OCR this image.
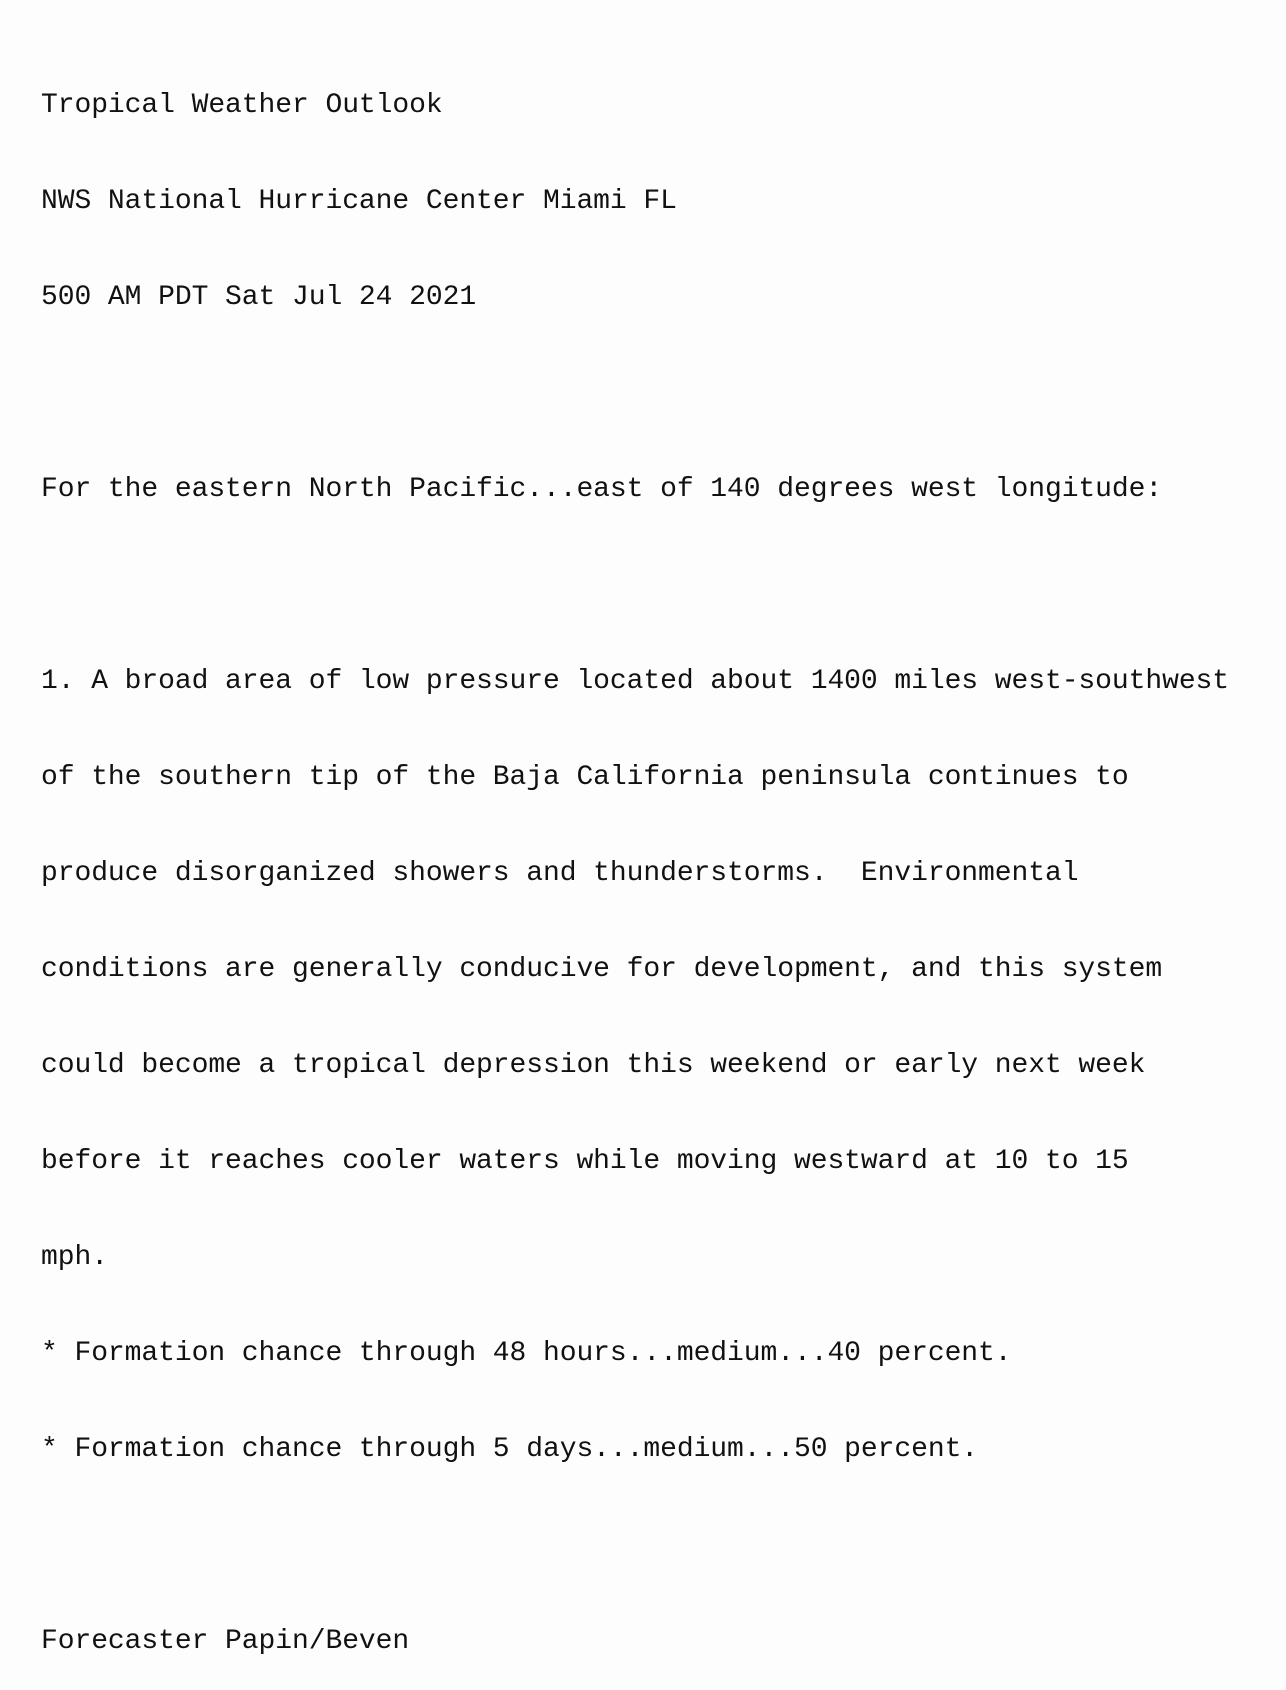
Tropical Weather Outlook

NWS National Hurricane Center Miami FL

500 AM PDT Sat Jul 24 2021

For the eastern North Pacific...east of 140 degrees west longitude:

1. A broad area of low pressure located about 1400 miles west-southwest

of the southern tip of the Baja California peninsula continues to

produce disorganized showers and thunderstorms.  Environmental

conditions are generally conducive for development, and this system

could become a tropical depression this weekend or early next week

before it reaches cooler waters while moving westward at 10 to 15

mph.

* Formation chance through 48 hours...medium...40 percent.

* Formation chance through 5 days...medium...50 percent.

Forecaster Papin/Beven
